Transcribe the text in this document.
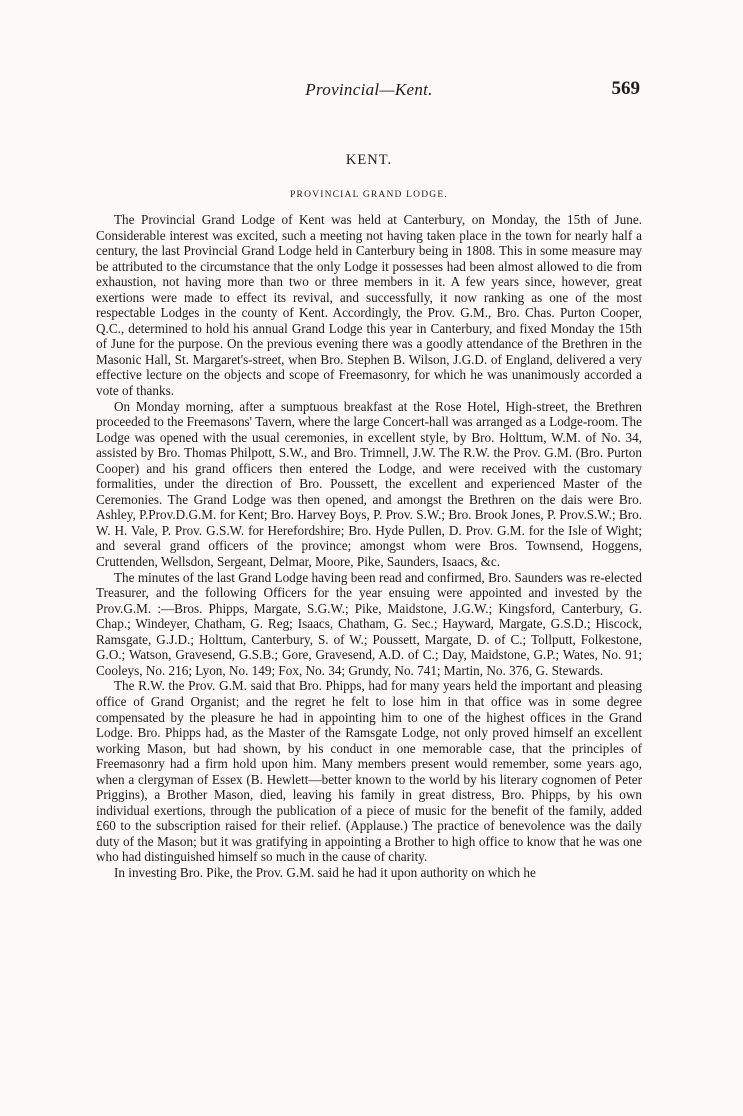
Provincial—Kent.	569
KENT.
PROVINCIAL GRAND LODGE.

The Provincial Grand Lodge of Kent was held at Canterbury, on Monday, the 15th of June. Considerable interest was excited, such a meeting not having taken place in the town for nearly half a century, the last Provincial Grand Lodge held in Canterbury being in 1808. This in some measure may be attributed to the circumstance that the only Lodge it possesses had been almost allowed to die from exhaustion, not having more than two or three members in it. A few years since, however, great exertions were made to effect its revival, and successfully, it now ranking as one of the most respectable Lodges in the county of Kent. Accordingly, the Prov. G.M., Bro. Chas. Purton Cooper, Q.C., determined to hold his annual Grand Lodge this year in Canterbury, and fixed Monday the 15th of June for the purpose. On the previous evening there was a goodly attendance of the Brethren in the Masonic Hall, St. Margaret's-street, when Bro. Stephen B. Wilson, J.G.D. of England, delivered a very effective lecture on the objects and scope of Freemasonry, for which he was unanimously accorded a vote of thanks.

On Monday morning, after a sumptuous breakfast at the Rose Hotel, High-street, the Brethren proceeded to the Freemasons' Tavern, where the large Concert-hall was arranged as a Lodge-room. The Lodge was opened with the usual ceremonies, in excellent style, by Bro. Holttum, W.M. of No. 34, assisted by Bro. Thomas Philpott, S.W., and Bro. Trimnell, J.W. The R.W. the Prov. G.M. (Bro. Purton Cooper) and his grand officers then entered the Lodge, and were received with the customary formalities, under the direction of Bro. Poussett, the excellent and experienced Master of the Ceremonies. The Grand Lodge was then opened, and amongst the Brethren on the dais were Bro. Ashley, P.Prov.D.G.M. for Kent; Bro. Harvey Boys, P. Prov. S.W.; Bro. Brook Jones, P. Prov.S.W.; Bro. W. H. Vale, P. Prov. G.S.W. for Herefordshire; Bro. Hyde Pullen, D. Prov. G.M. for the Isle of Wight; and several grand officers of the province; amongst whom were Bros. Townsend, Hoggens, Cruttenden, Wellsdon, Sergeant, Delmar, Moore, Pike, Saunders, Isaacs, &c.

The minutes of the last Grand Lodge having been read and confirmed, Bro. Saunders was re-elected Treasurer, and the following Officers for the year ensuing were appointed and invested by the Prov.G.M. :—Bros. Phipps, Margate, S.G.W.; Pike, Maidstone, J.G.W.; Kingsford, Canterbury, G. Chap.; Windeyer, Chatham, G. Reg; Isaacs, Chatham, G. Sec.; Hayward, Margate, G.S.D.; Hiscock, Ramsgate, G.J.D.; Holttum, Canterbury, S. of W.; Poussett, Margate, D. of C.; Tollputt, Folkestone, G.O.; Watson, Gravesend, G.S.B.; Gore, Gravesend, A.D. of C.; Day, Maidstone, G.P.; Wates, No. 91; Cooleys, No. 216; Lyon, No. 149; Fox, No. 34; Grundy, No. 741; Martin, No. 376, G. Stewards.

The R.W. the Prov. G.M. said that Bro. Phipps, had for many years held the important and pleasing office of Grand Organist; and the regret he felt to lose him in that office was in some degree compensated by the pleasure he had in appointing him to one of the highest offices in the Grand Lodge. Bro. Phipps had, as the Master of the Ramsgate Lodge, not only proved himself an excellent working Mason, but had shown, by his conduct in one memorable case, that the principles of Freemasonry had a firm hold upon him. Many members present would remember, some years ago, when a clergyman of Essex (B. Hewlett—better known to the world by his literary cognomen of Peter Priggins), a Brother Mason, died, leaving his family in great distress, Bro. Phipps, by his own individual exertions, through the publication of a piece of music for the benefit of the family, added £60 to the subscription raised for their relief. (Applause.) The practice of benevolence was the daily duty of the Mason; but it was gratifying in appointing a Brother to high office to know that he was one who had distinguished himself so much in the cause of charity.

In investing Bro. Pike, the Prov. G.M. said he had it upon authority on which he
